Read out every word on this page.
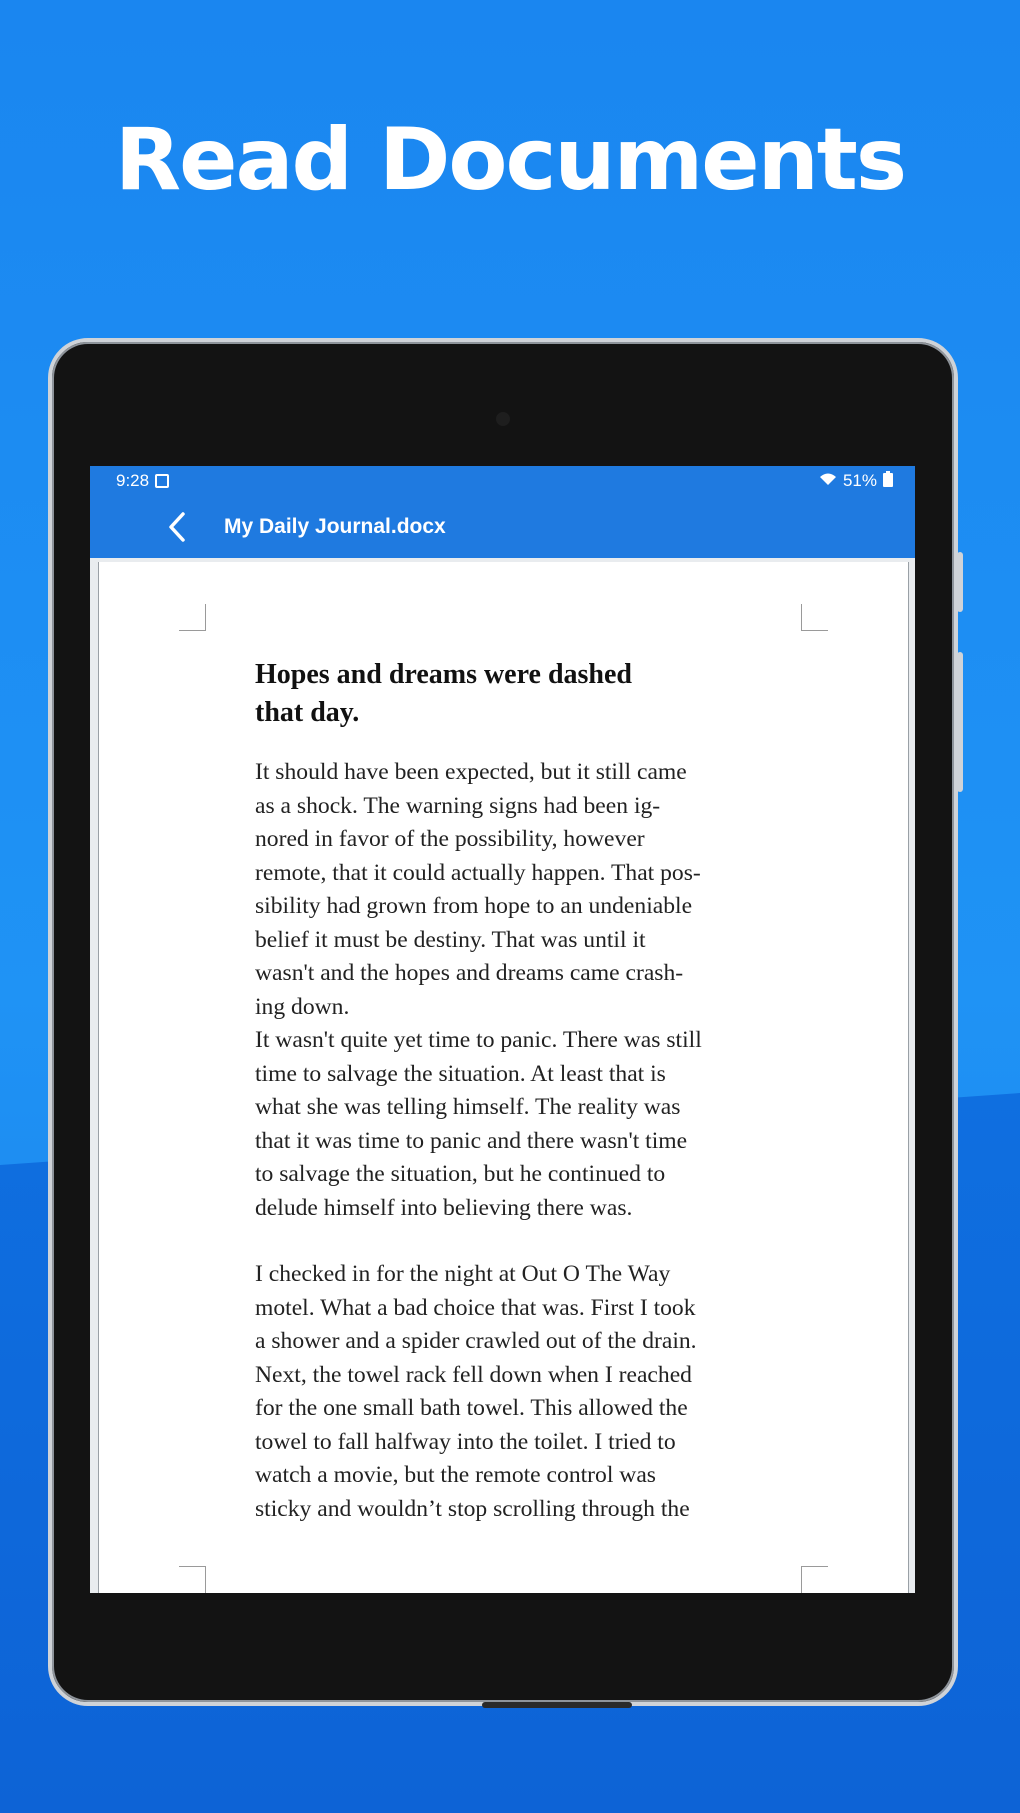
Read Documents
9:28	51%
My Daily Journal.docx

Hopes and dreams were dashed
that day.

It should have been expected, but it still came
as a shock. The warning signs had been ig-
nored in favor of the possibility, however
remote, that it could actually happen. That pos-
sibility had grown from hope to an undeniable
belief it must be destiny. That was until it
wasn't and the hopes and dreams came crash-
ing down.

It wasn't quite yet time to panic. There was still
time to salvage the situation. At least that is
what she was telling himself. The reality was
that it was time to panic and there wasn't time
to salvage the situation, but he continued to
delude himself into believing there was.

I checked in for the night at Out O The Way
motel. What a bad choice that was. First I took
a shower and a spider crawled out of the drain.
Next, the towel rack fell down when I reached
for the one small bath towel. This allowed the
towel to fall halfway into the toilet. I tried to
watch a movie, but the remote control was
sticky and wouldn’t stop scrolling through the
